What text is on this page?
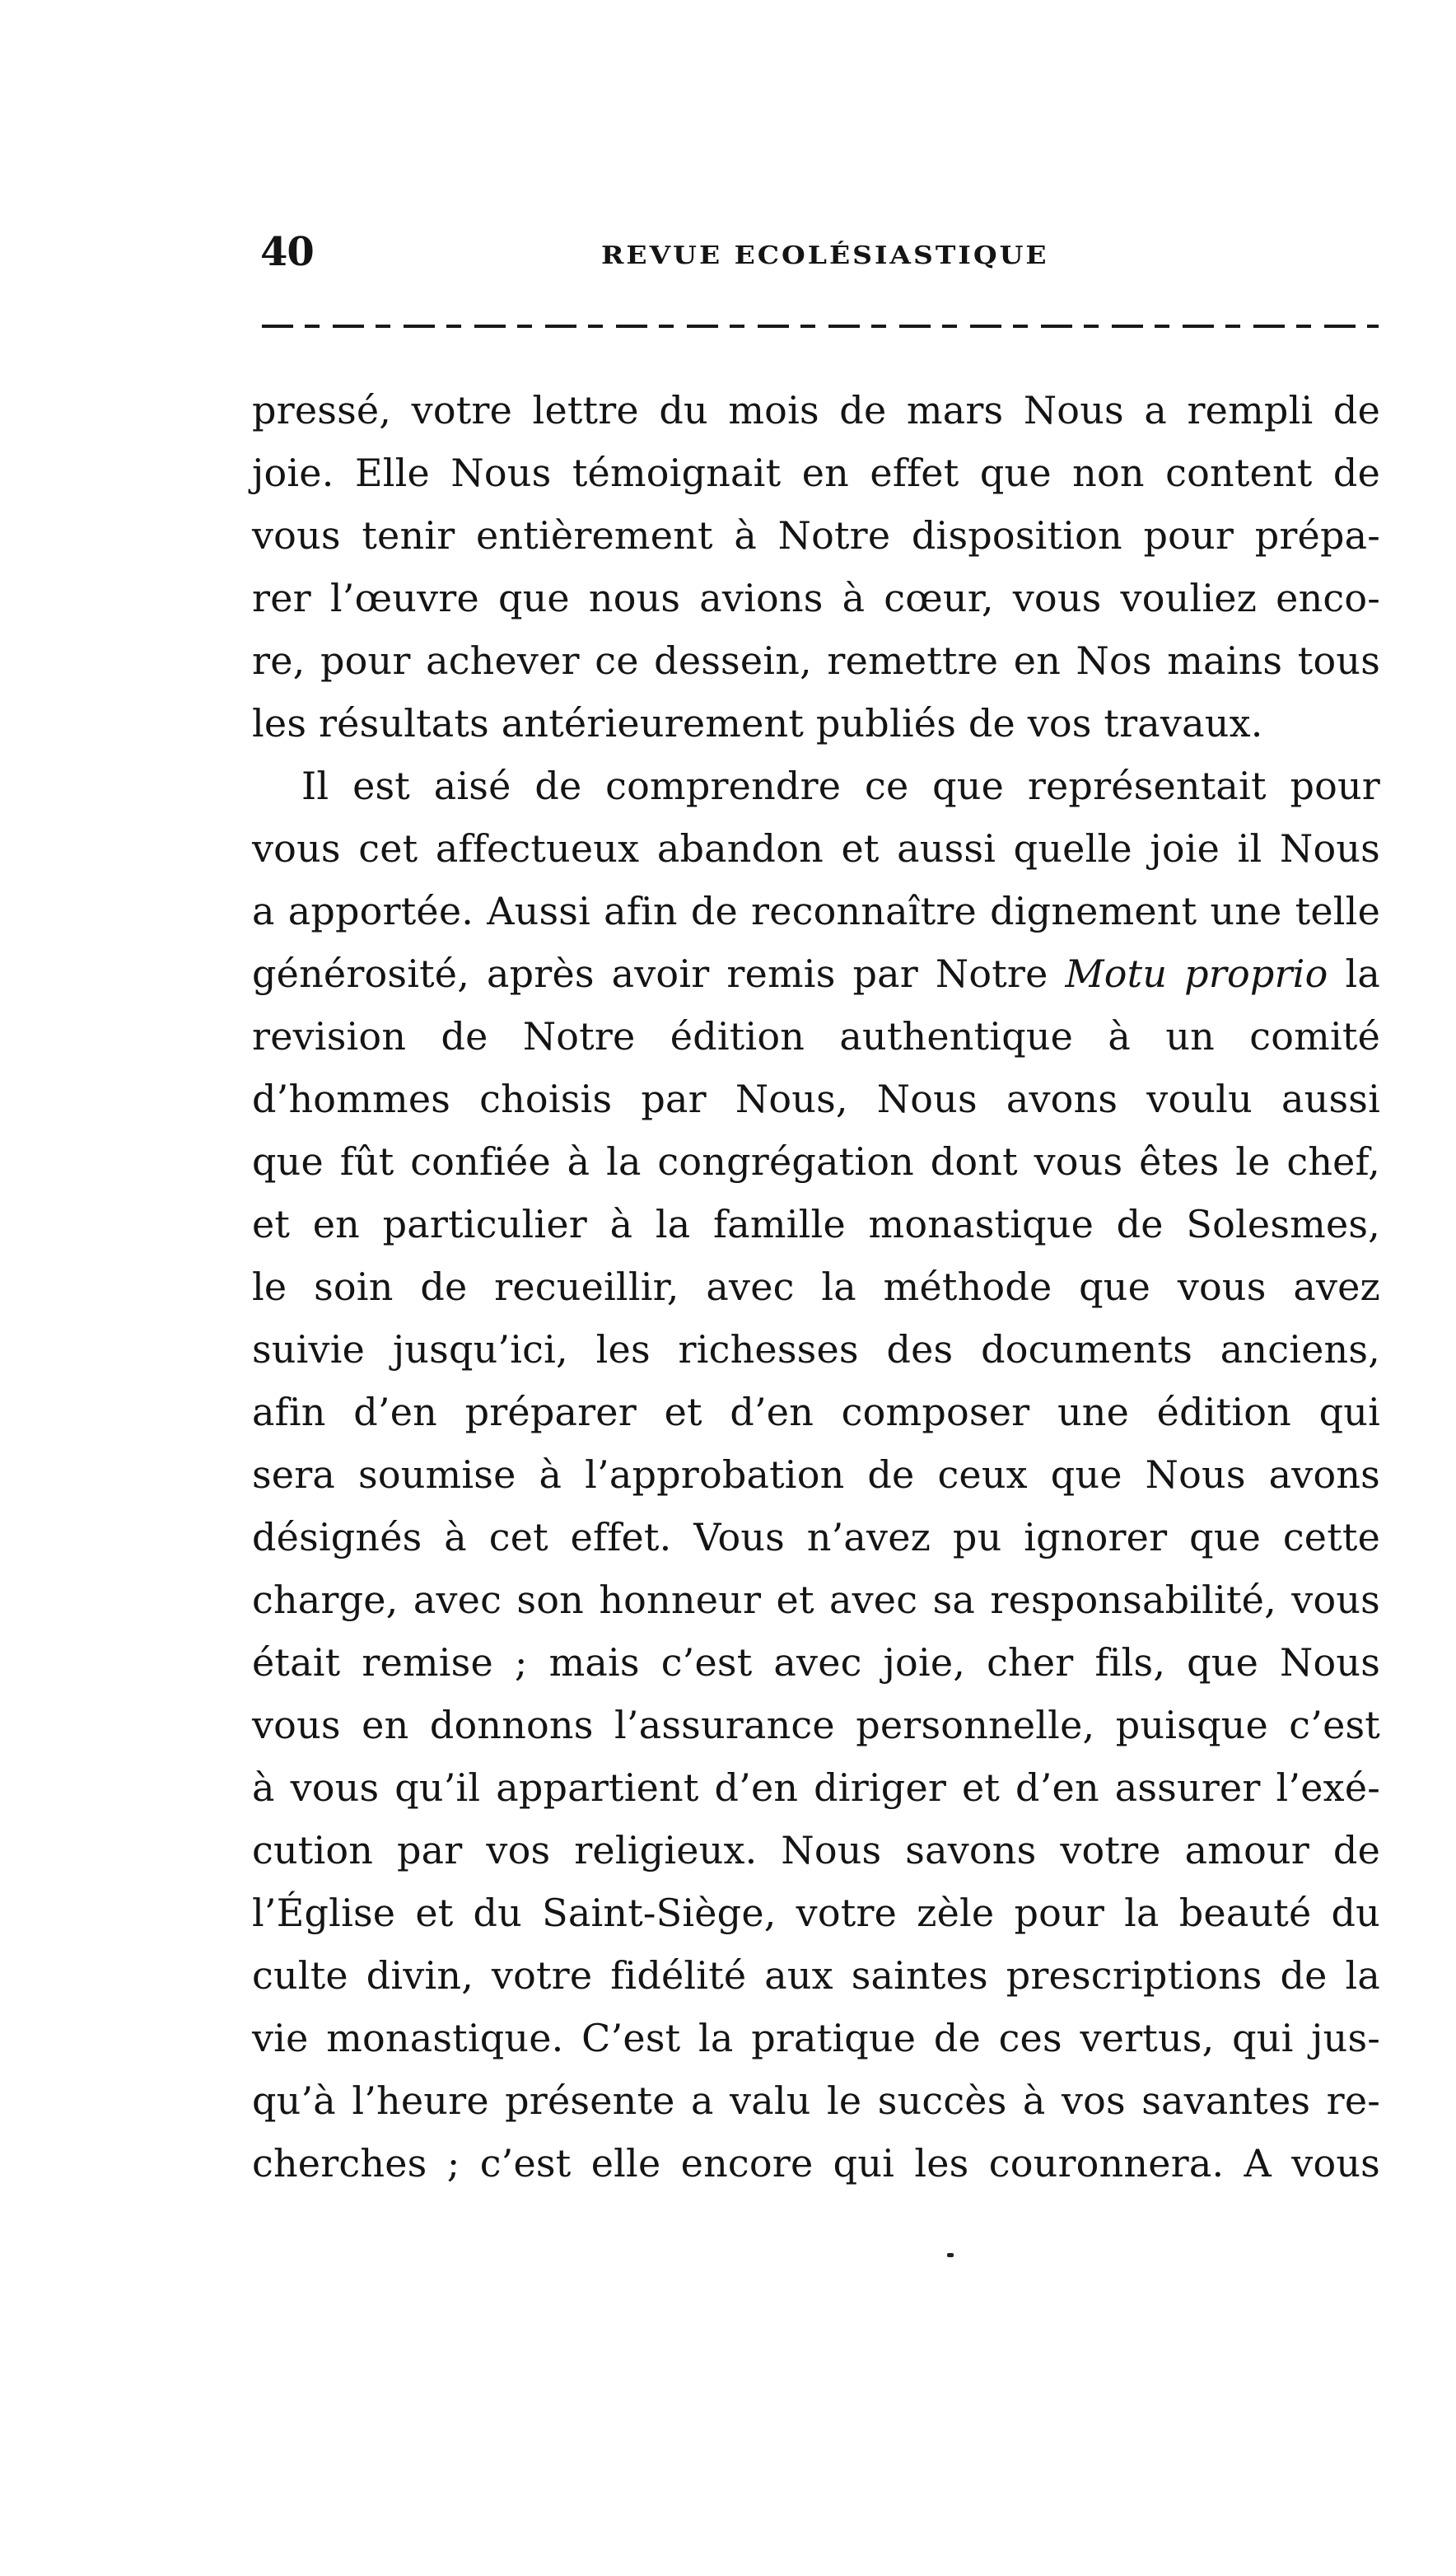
40	REVUE ECOLÉSIASTIQUE
pressé, votre lettre du mois de mars Nous a rempli de
joie. Elle Nous témoignait en effet que non content de
vous tenir entièrement à Notre disposition pour prépa-
rer l’œuvre que nous avions à cœur, vous vouliez enco-
re, pour achever ce dessein, remettre en Nos mains tous
les résultats antérieurement publiés de vos travaux.
Il est aisé de comprendre ce que représentait pour
vous cet affectueux abandon et aussi quelle joie il Nous
a apportée. Aussi afin de reconnaître dignement une telle
générosité, après avoir remis par Notre Motu proprio la
revision de Notre édition authentique à un comité
d’hommes choisis par Nous, Nous avons voulu aussi
que fût confiée à la congrégation dont vous êtes le chef,
et en particulier à la famille monastique de Solesmes,
le soin de recueillir, avec la méthode que vous avez
suivie jusqu’ici, les richesses des documents anciens,
afin d’en préparer et d’en composer une édition qui
sera soumise à l’approbation de ceux que Nous avons
désignés à cet effet. Vous n’avez pu ignorer que cette
charge, avec son honneur et avec sa responsabilité, vous
était remise ; mais c’est avec joie, cher fils, que Nous
vous en donnons l’assurance personnelle, puisque c’est
à vous qu’il appartient d’en diriger et d’en assurer l’exé-
cution par vos religieux. Nous savons votre amour de
l’Église et du Saint-Siège, votre zèle pour la beauté du
culte divin, votre fidélité aux saintes prescriptions de la
vie monastique. C’est la pratique de ces vertus, qui jus-
qu’à l’heure présente a valu le succès à vos savantes re-
cherches ; c’est elle encore qui les couronnera. A vous
